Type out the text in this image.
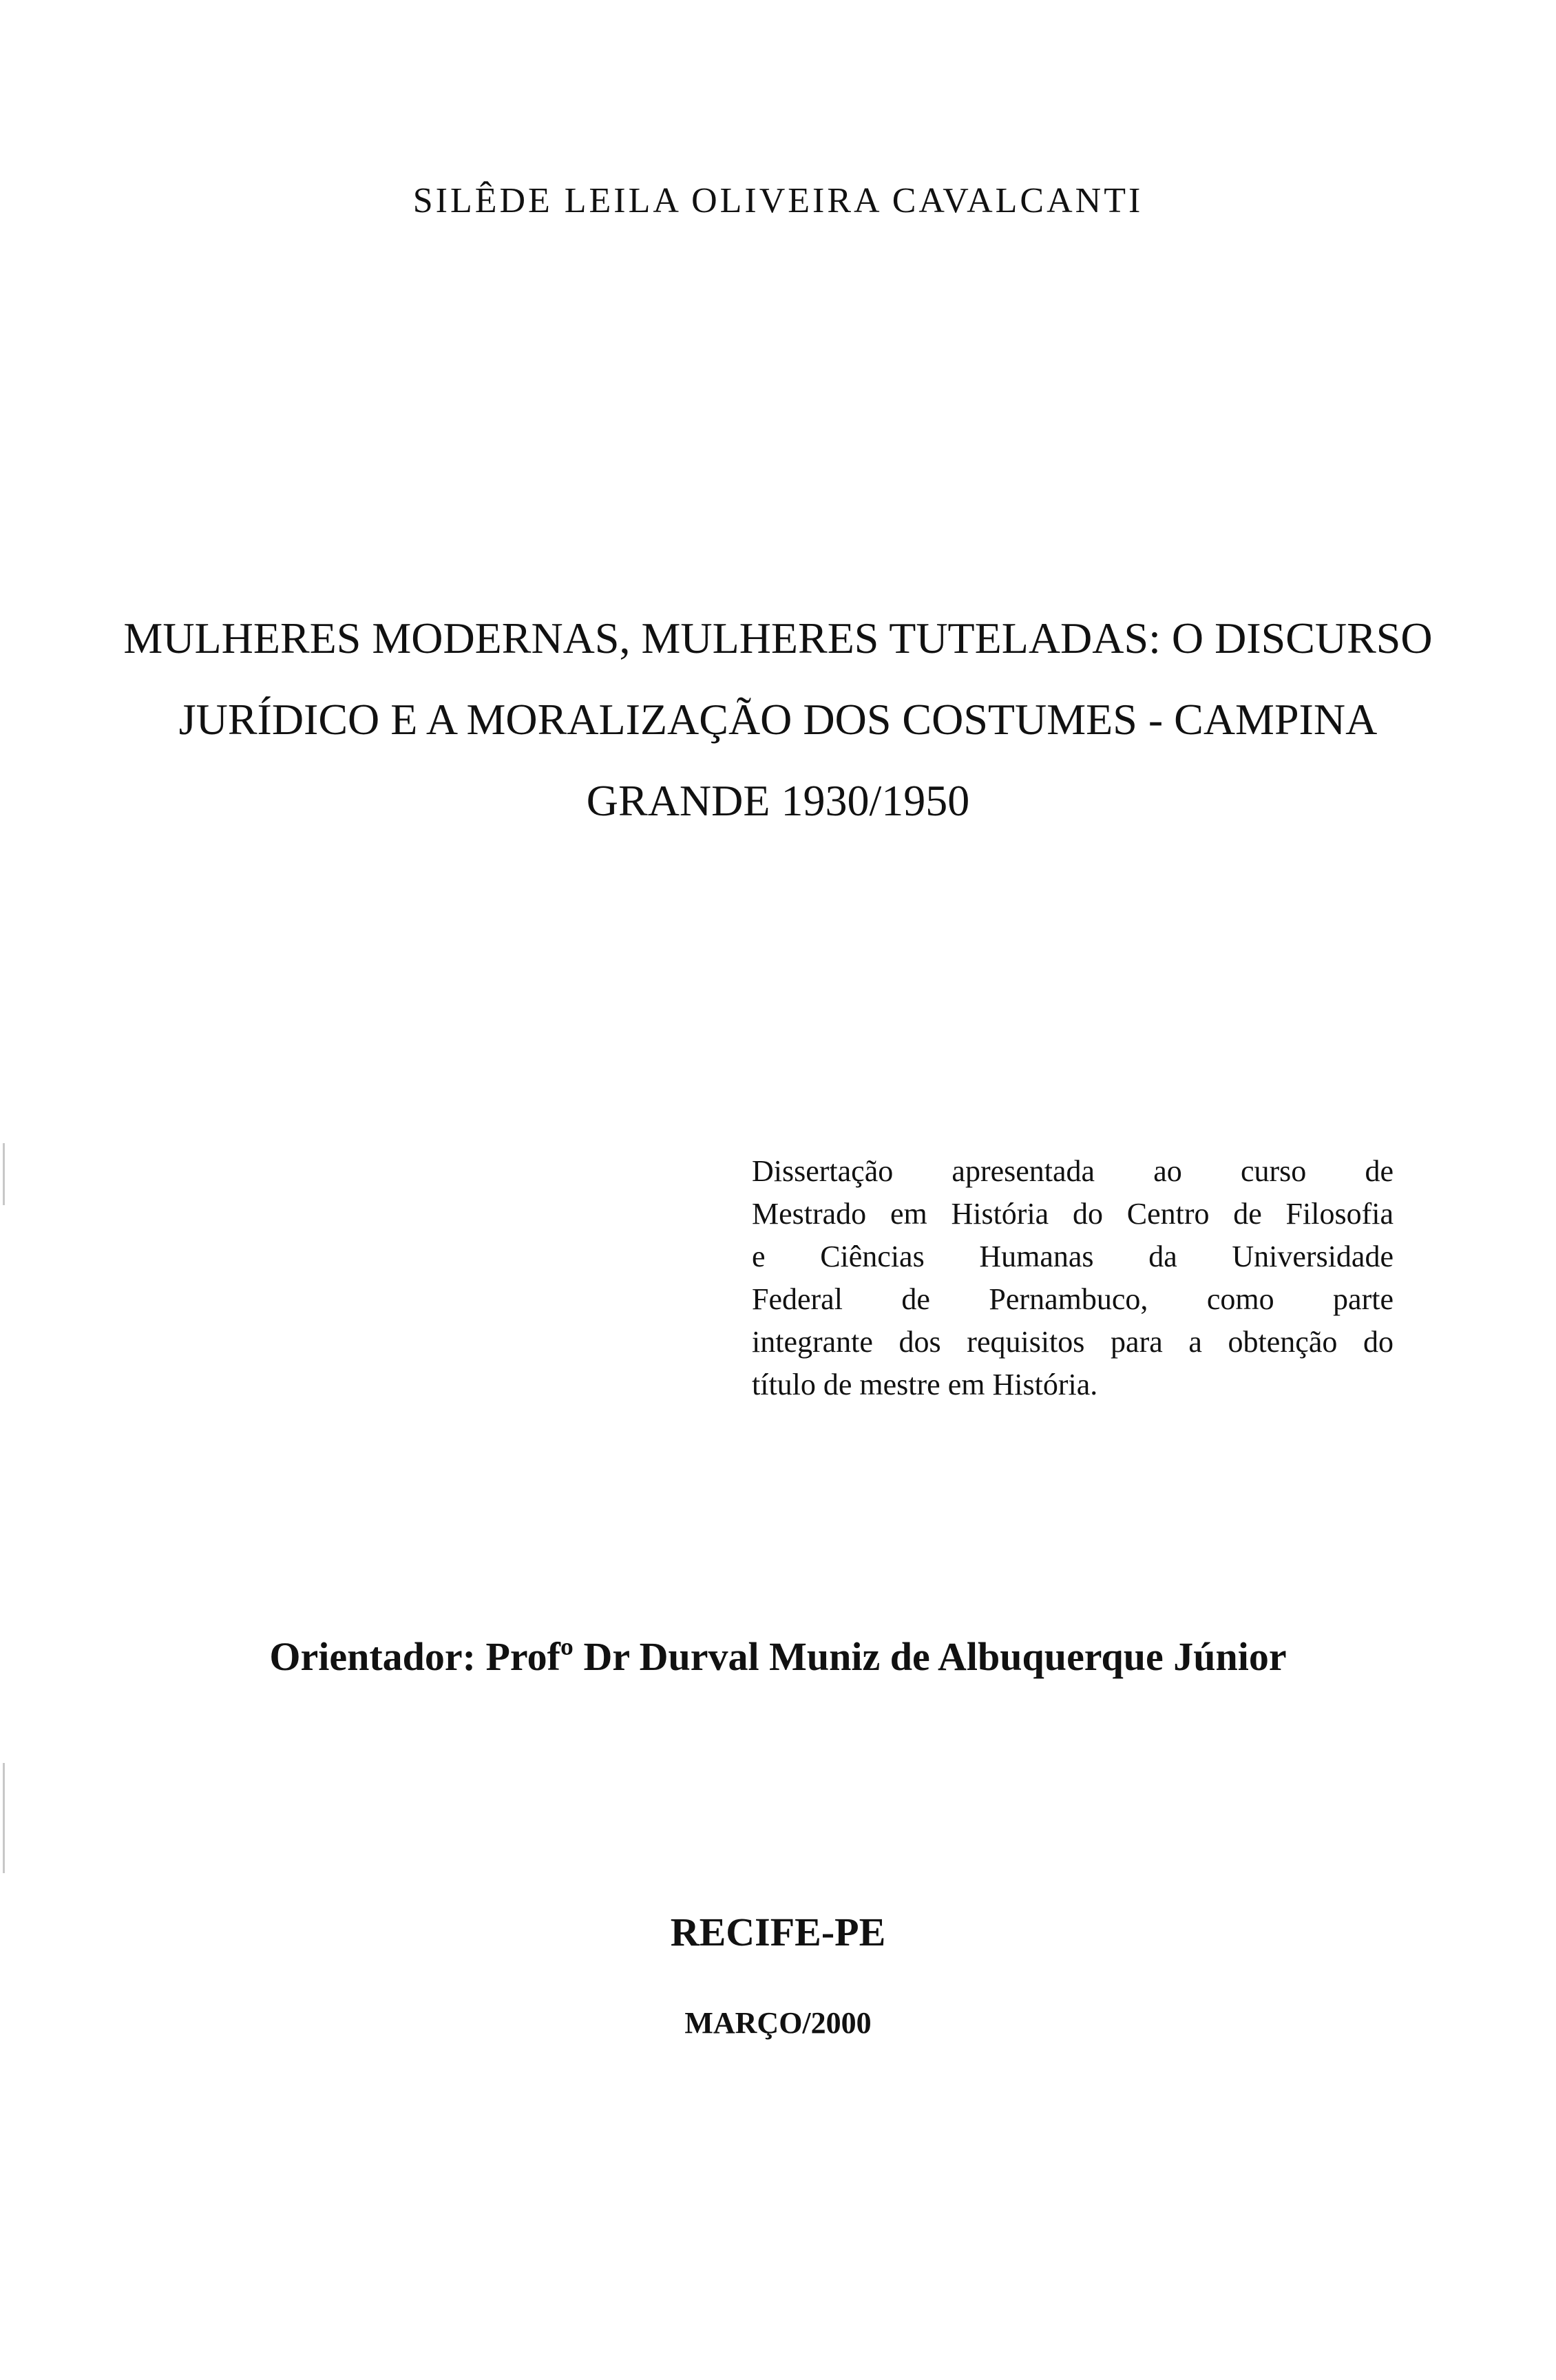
SILÊDE LEILA OLIVEIRA CAVALCANTI
MULHERES MODERNAS, MULHERES TUTELADAS: O DISCURSO
JURÍDICO E A MORALIZAÇÃO DOS COSTUMES - CAMPINA
GRANDE 1930/1950
Dissertação apresentada ao curso de
Mestrado em História do Centro de Filosofia
e Ciências Humanas da Universidade
Federal de Pernambuco, como parte
integrante dos requisitos para a obtenção do
título de mestre em História.
Orientador: Profº Dr Durval Muniz de Albuquerque Júnior
RECIFE-PE
MARÇO/2000
